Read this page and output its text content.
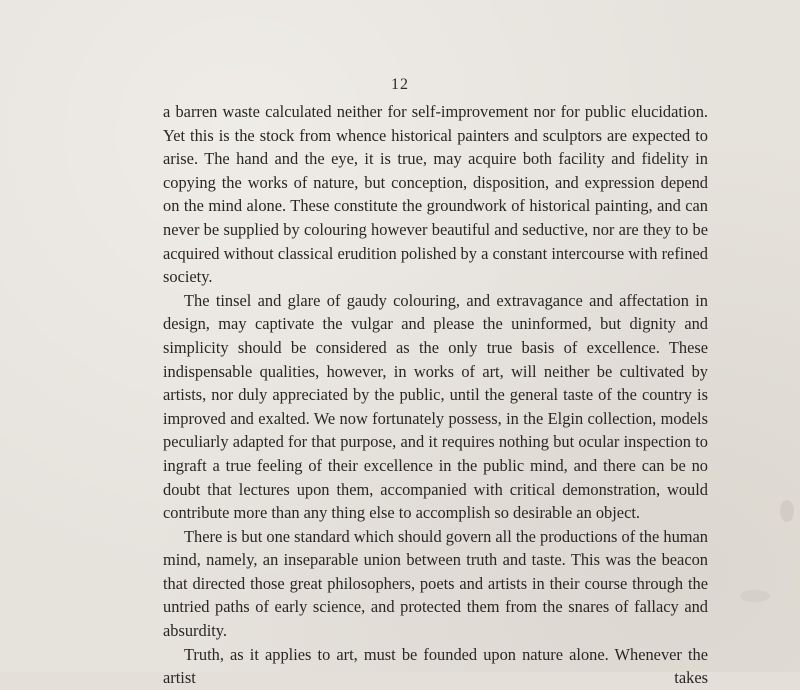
12

a barren waste calculated neither for self-improvement nor for public elucidation. Yet this is the stock from whence historical painters and sculptors are expected to arise. The hand and the eye, it is true, may acquire both facility and fidelity in copying the works of nature, but conception, disposition, and expression depend on the mind alone. These constitute the groundwork of historical painting, and can never be supplied by colouring however beautiful and seductive, nor are they to be acquired without classical erudition polished by a constant intercourse with refined society.

The tinsel and glare of gaudy colouring, and extravagance and affectation in design, may captivate the vulgar and please the uninformed, but dignity and simplicity should be considered as the only true basis of excellence. These indispensable qualities, however, in works of art, will neither be cultivated by artists, nor duly appreciated by the public, until the general taste of the country is improved and exalted. We now fortunately possess, in the Elgin collection, models peculiarly adapted for that purpose, and it requires nothing but ocular inspection to ingraft a true feeling of their excellence in the public mind, and there can be no doubt that lectures upon them, accompanied with critical demonstration, would contribute more than any thing else to accomplish so desirable an object.

There is but one standard which should govern all the productions of the human mind, namely, an inseparable union between truth and taste. This was the beacon that directed those great philosophers, poets and artists in their course through the untried paths of early science, and protected them from the snares of fallacy and absurdity.

Truth, as it applies to art, must be founded upon nature alone. Whenever the artist takes
